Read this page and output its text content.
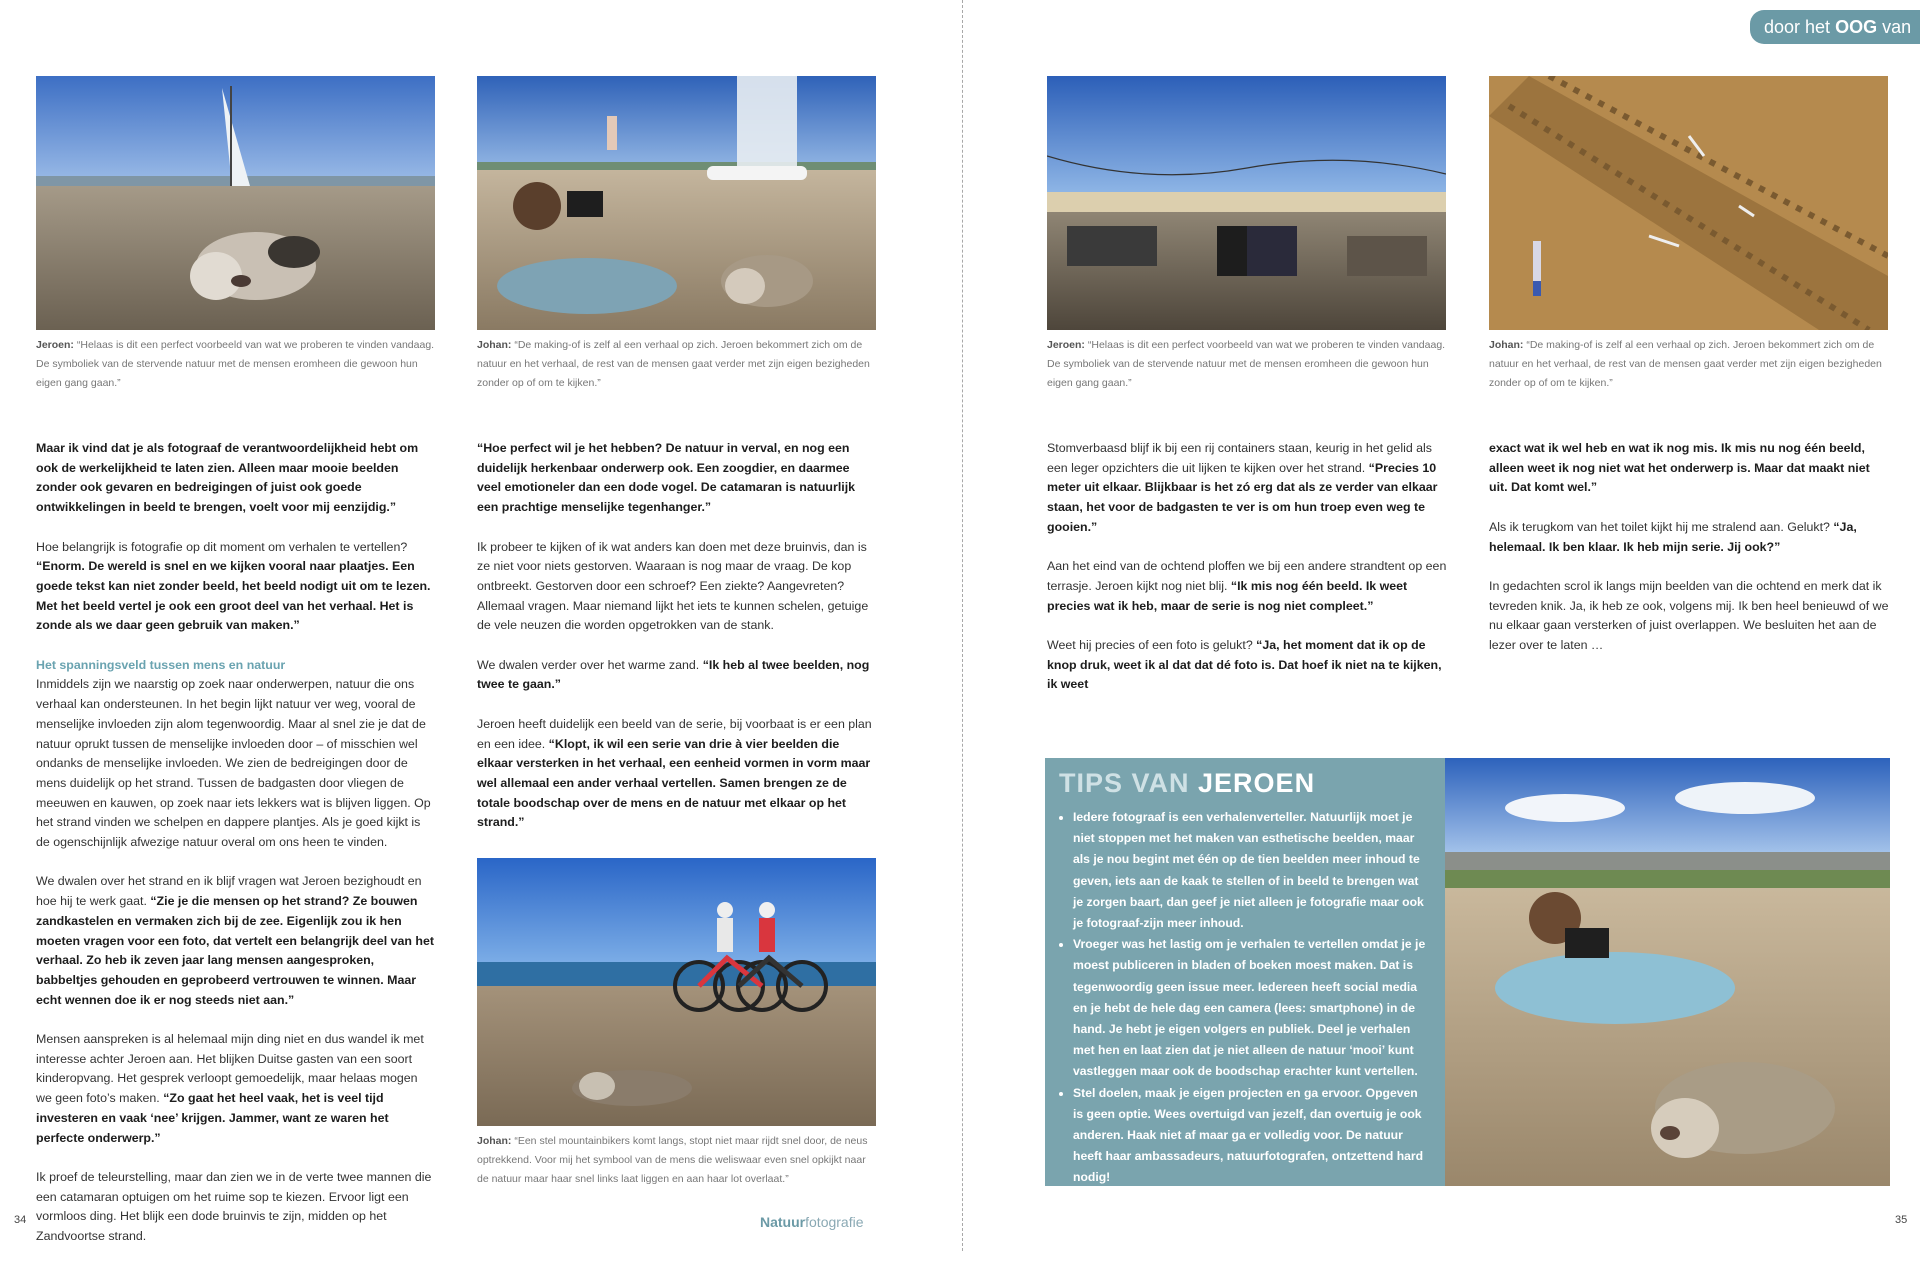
Jeroen: “Helaas is dit een perfect voorbeeld van wat we proberen te vinden vandaag. De symboliek van de stervende natuur met de mensen eromheen die gewoon hun eigen gang gaan.”
Johan: “De making-of is zelf al een verhaal op zich. Jeroen bekommert zich om de natuur en het verhaal, de rest van de mensen gaat verder met zijn eigen bezigheden zonder op of om te kijken.”

Maar ik vind dat je als fotograaf de verantwoordelijkheid hebt om ook de werkelijkheid te laten zien. Alleen maar mooie beelden zonder ook gevaren en bedreigingen of juist ook goede ontwikkelingen in beeld te brengen, voelt voor mij eenzijdig.”

Hoe belangrijk is fotografie op dit moment om verhalen te vertellen? “Enorm. De wereld is snel en we kijken vooral naar plaatjes. Een goede tekst kan niet zonder beeld, het beeld nodigt uit om te lezen. Met het beeld vertel je ook een groot deel van het verhaal. Het is zonde als we daar geen gebruik van maken.”

Het spanningsveld tussen mens en natuur

Inmiddels zijn we naarstig op zoek naar onderwerpen, natuur die ons verhaal kan ondersteunen. In het begin lijkt natuur ver weg, vooral de menselijke invloeden zijn alom tegenwoordig. Maar al snel zie je dat de natuur oprukt tussen de menselijke invloeden door – of misschien wel ondanks de menselijke invloeden. We zien de bedreigingen door de mens duidelijk op het strand. Tussen de badgasten door vliegen de meeuwen en kauwen, op zoek naar iets lekkers wat is blijven liggen. Op het strand vinden we schelpen en dappere plantjes. Als je goed kijkt is de ogenschijnlijk afwezige natuur overal om ons heen te vinden.

We dwalen over het strand en ik blijf vragen wat Jeroen bezighoudt en hoe hij te werk gaat. “Zie je die mensen op het strand? Ze bouwen zandkastelen en vermaken zich bij de zee. Eigenlijk zou ik hen moeten vragen voor een foto, dat vertelt een belangrijk deel van het verhaal. Zo heb ik zeven jaar lang mensen aangesproken, babbeltjes gehouden en geprobeerd vertrouwen te winnen. Maar echt wennen doe ik er nog steeds niet aan.”

Mensen aanspreken is al helemaal mijn ding niet en dus wandel ik met interesse achter Jeroen aan. Het blijken Duitse gasten van een soort kinderopvang. Het gesprek verloopt gemoedelijk, maar helaas mogen we geen foto’s maken. “Zo gaat het heel vaak, het is veel tijd investeren en vaak ‘nee’ krijgen. Jammer, want ze waren het perfecte onderwerp.”

Ik proef de teleurstelling, maar dan zien we in de verte twee mannen die een catamaran optuigen om het ruime sop te kiezen. Ervoor ligt een vormloos ding. Het blijk een dode bruinvis te zijn, midden op het Zandvoortse strand.

“Hoe perfect wil je het hebben? De natuur in verval, en nog een duidelijk herkenbaar onderwerp ook. Een zoogdier, en daarmee veel emotioneler dan een dode vogel. De catamaran is natuurlijk een prachtige menselijke tegenhanger.”

Ik probeer te kijken of ik wat anders kan doen met deze bruinvis, dan is ze niet voor niets gestorven. Waaraan is nog maar de vraag. De kop ontbreekt. Gestorven door een schroef? Een ziekte? Aangevreten? Allemaal vragen. Maar niemand lijkt het iets te kunnen schelen, getuige de vele neuzen die worden opgetrokken van de stank.

We dwalen verder over het warme zand. “Ik heb al twee beelden, nog twee te gaan.”

Jeroen heeft duidelijk een beeld van de serie, bij voorbaat is er een plan en een idee. “Klopt, ik wil een serie van drie à vier beelden die elkaar versterken in het verhaal, een eenheid vormen in vorm maar wel allemaal een ander verhaal vertellen. Samen brengen ze de totale boodschap over de mens en de natuur met elkaar op het strand.”

Johan: “Een stel mountainbikers komt langs, stopt niet maar rijdt snel door, de neus optrekkend. Voor mij het symbool van de mens die weliswaar even snel opkijkt naar de natuur maar haar snel links laat liggen en aan haar lot overlaat.”
34	Natuurfotografie
door het OOG van
Jeroen: “Helaas is dit een perfect voorbeeld van wat we proberen te vinden vandaag. De symboliek van de stervende natuur met de mensen eromheen die gewoon hun eigen gang gaan.”
Johan: “De making-of is zelf al een verhaal op zich. Jeroen bekommert zich om de natuur en het verhaal, de rest van de mensen gaat verder met zijn eigen bezigheden zonder op of om te kijken.”

Stomverbaasd blijf ik bij een rij containers staan, keurig in het gelid als een leger opzichters die uit lijken te kijken over het strand. “Precies 10 meter uit elkaar. Blijkbaar is het zó erg dat als ze verder van elkaar staan, het voor de badgasten te ver is om hun troep even weg te gooien.”

Aan het eind van de ochtend ploffen we bij een andere strandtent op een terrasje. Jeroen kijkt nog niet blij. “Ik mis nog één beeld. Ik weet precies wat ik heb, maar de serie is nog niet compleet.”

Weet hij precies of een foto is gelukt? “Ja, het moment dat ik op de knop druk, weet ik al dat dat dé foto is. Dat hoef ik niet na te kijken, ik weet

exact wat ik wel heb en wat ik nog mis. Ik mis nu nog één beeld, alleen weet ik nog niet wat het onderwerp is. Maar dat maakt niet uit. Dat komt wel.”

Als ik terugkom van het toilet kijkt hij me stralend aan. Gelukt? “Ja, helemaal. Ik ben klaar. Ik heb mijn serie. Jij ook?”

In gedachten scrol ik langs mijn beelden van die ochtend en merk dat ik tevreden knik. Ja, ik heb ze ook, volgens mij. Ik ben heel benieuwd of we nu elkaar gaan versterken of juist overlappen. We besluiten het aan de lezer over te laten …

TIPS VAN JEROEN
• Iedere fotograaf is een verhalenverteller. Natuurlijk moet je niet stoppen met het maken van esthetische beelden, maar als je nou begint met één op de tien beelden meer inhoud te geven, iets aan de kaak te stellen of in beeld te brengen wat je zorgen baart, dan geef je niet alleen je fotografie maar ook je fotograaf-zijn meer inhoud.
• Vroeger was het lastig om je verhalen te vertellen omdat je je moest publiceren in bladen of boeken moest maken. Dat is tegenwoordig geen issue meer. Iedereen heeft social media en je hebt de hele dag een camera (lees: smartphone) in de hand. Je hebt je eigen volgers en publiek. Deel je verhalen met hen en laat zien dat je niet alleen de natuur ‘mooi’ kunt vastleggen maar ook de boodschap erachter kunt vertellen.
• Stel doelen, maak je eigen projecten en ga ervoor. Opgeven is geen optie. Wees overtuigd van jezelf, dan overtuig je ook anderen. Haak niet af maar ga er volledig voor. De natuur heeft haar ambassadeurs, natuurfotografen, ontzettend hard nodig!
35
